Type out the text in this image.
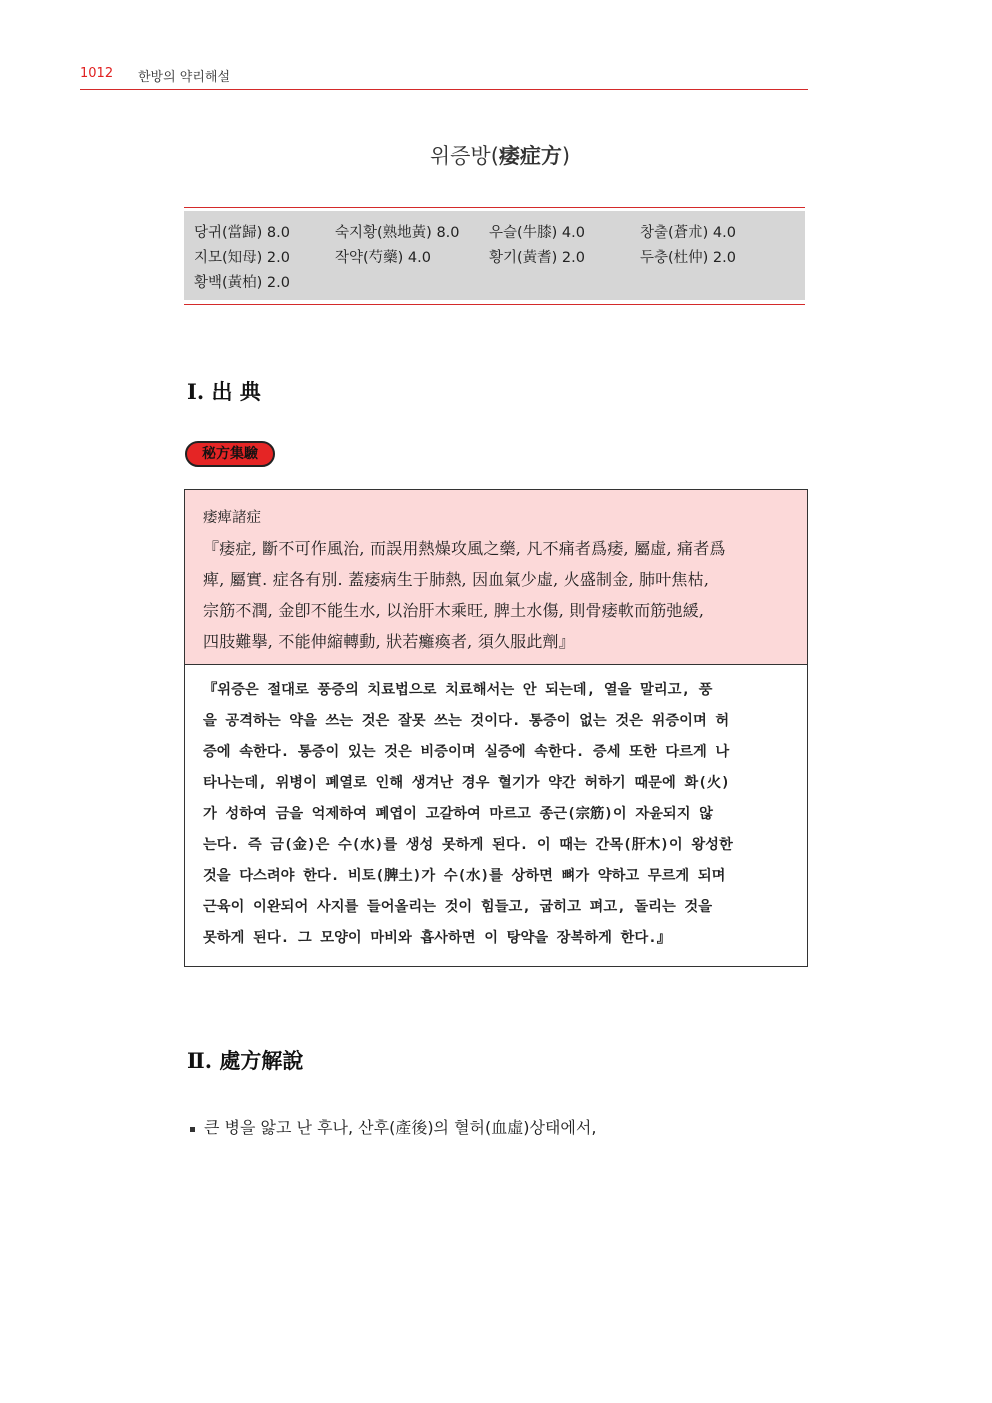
1012 한방의 약리해설
위증방(痿症方)
당귀(當歸) 8.0	숙지황(熟地黃) 8.0 우슬(牛膝) 4.0	창출(蒼朮) 4.0
지모(知母) 2.0	작약(芍藥) 4.0	황기(黃耆) 2.0	두충(杜仲) 2.0
황백(黃柏) 2.0
Ⅰ. 出 典
秘方集驗
痿痺諸症
『痿症, 斷不可作風治, 而誤用熱燥攻風之藥, 凡不痛者爲痿, 屬虛, 痛者爲
痺, 屬實. 症各有別. 蓋痿病生于肺熱, 因血氣少虛, 火盛制金, 肺叶焦枯,
宗筋不潤, 金卽不能生水, 以治肝木乘旺, 脾土水傷, 則骨痿軟而筋弛緩,
四肢難擧, 不能伸縮轉動, 狀若癱瘓者, 須久服此劑』
『위증은 절대로 풍증의 치료법으로 치료해서는 안 되는데, 열을 말리고, 풍
을 공격하는 약을 쓰는 것은 잘못 쓰는 것이다. 통증이 없는 것은 위증이며 허
증에 속한다. 통증이 있는 것은 비증이며 실증에 속한다. 증세 또한 다르게 나
타나는데, 위병이 폐열로 인해 생겨난 경우 혈기가 약간 허하기 때문에 화(火)
가 성하여 금을 억제하여 폐엽이 고갈하여 마르고 종근(宗筋)이 자윤되지 않
는다. 즉 금(金)은 수(水)를 생성 못하게 된다. 이 때는 간목(肝木)이 왕성한
것을 다스려야 한다. 비토(脾土)가 수(水)를 상하면 뼈가 약하고 무르게 되며
근육이 이완되어 사지를 들어올리는 것이 힘들고, 굽히고 펴고, 돌리는 것을
못하게 된다. 그 모양이 마비와 흡사하면 이 탕약을 장복하게 한다.』
Ⅱ. 處方解說
큰 병을 앓고 난 후나, 산후(產後)의 혈허(血虛)상태에서,
